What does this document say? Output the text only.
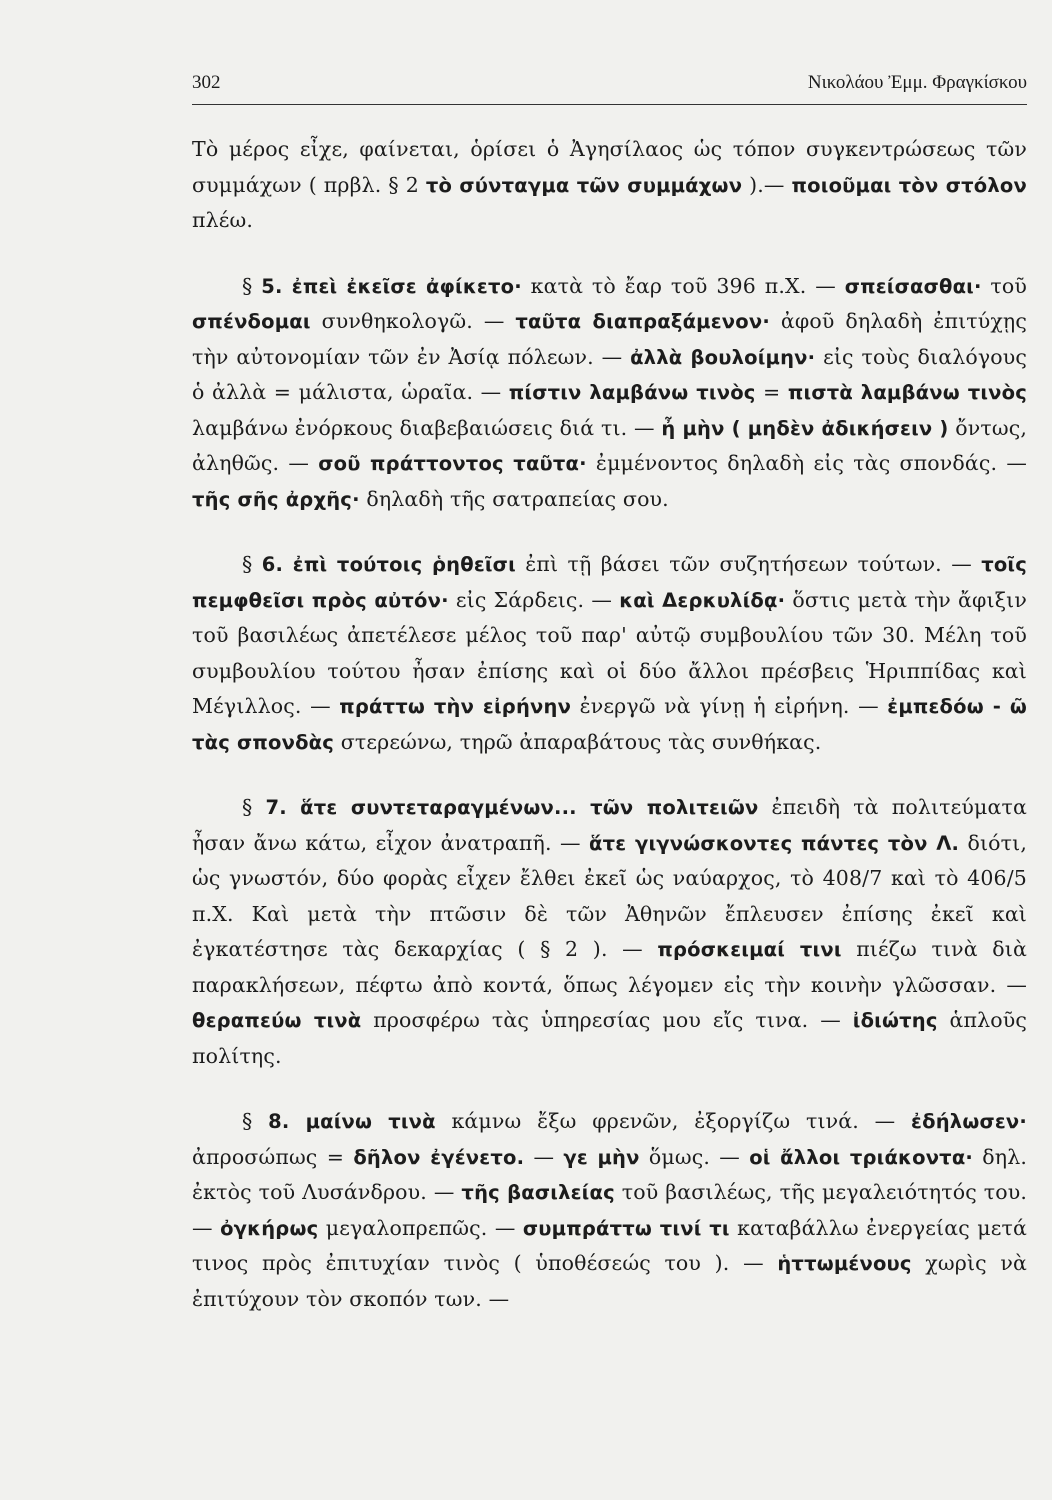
302	Νικολάου Ἐμμ. Φραγκίσκου

Τὸ μέρος εἶχε, φαίνεται, ὁρίσει ὁ Ἀγησίλαος ὡς τόπον συγκεντρώσεως τῶν συμμάχων ( πρβλ. § 2 τὸ σύνταγμα τῶν συμμάχων ).— ποιοῦμαι τὸν στόλον πλέω.

§ 5. ἐπεὶ ἐκεῖσε ἀφίκετο· κατὰ τὸ ἔαρ τοῦ 396 π.Χ. — σπείσασθαι· τοῦ σπένδομαι συνθηκολογῶ. — ταῦτα διαπραξάμενον· ἀφοῦ δηλαδὴ ἐπιτύχῃς τὴν αὐτονομίαν τῶν ἐν Ἀσίᾳ πόλεων. — ἀλλὰ βουλοίμην· εἰς τοὺς διαλόγους ὁ ἀλλὰ = μάλιστα, ὡραῖα. — πίστιν λαμβάνω τινὸς = πιστὰ λαμβάνω τινὸς λαμβάνω ἐνόρκους διαβεβαιώσεις διά τι. — ἦ μὴν ( μηδὲν ἀδικήσειν ) ὄντως, ἀληθῶς. — σοῦ πράττοντος ταῦτα· ἐμμένοντος δηλαδὴ εἰς τὰς σπονδάς. — τῆς σῆς ἀρχῆς· δηλαδὴ τῆς σατραπείας σου.

§ 6. ἐπὶ τούτοις ῥηθεῖσι ἐπὶ τῇ βάσει τῶν συζητήσεων τούτων. — τοῖς πεμφθεῖσι πρὸς αὐτόν· εἰς Σάρδεις. — καὶ Δερκυλίδᾳ· ὅστις μετὰ τὴν ἄφιξιν τοῦ βασιλέως ἀπετέλεσε μέλος τοῦ παρ' αὐτῷ συμβουλίου τῶν 30. Μέλη τοῦ συμβουλίου τούτου ἦσαν ἐπίσης καὶ οἱ δύο ἄλλοι πρέσβεις Ἡριππίδας καὶ Μέγιλλος. — πράττω τὴν εἰρήνην ἐνεργῶ νὰ γίνῃ ἡ εἰρήνη. — ἐμπεδόω - ῶ τὰς σπονδὰς στερεώνω, τηρῶ ἀπαραβάτους τὰς συνθήκας.

§ 7. ἅτε συντεταραγμένων... τῶν πολιτειῶν ἐπειδὴ τὰ πολιτεύματα ἦσαν ἄνω κάτω, εἶχον ἀνατραπῆ. — ἅτε γιγνώσκοντες πάντες τὸν Λ. διότι, ὡς γνωστόν, δύο φορὰς εἶχεν ἔλθει ἐκεῖ ὡς ναύαρχος, τὸ 408/7 καὶ τὸ 406/5 π.Χ. Καὶ μετὰ τὴν πτῶσιν δὲ τῶν Ἀθηνῶν ἔπλευσεν ἐπίσης ἐκεῖ καὶ ἐγκατέστησε τὰς δεκαρχίας ( § 2 ). — πρόσκειμαί τινι πιέζω τινὰ διὰ παρακλήσεων, πέφτω ἀπὸ κοντά, ὅπως λέγομεν εἰς τὴν κοινὴν γλῶσσαν. — θεραπεύω τινὰ προσφέρω τὰς ὑπηρεσίας μου εἴς τινα. — ἰδιώτης ἁπλοῦς πολίτης.

§ 8. μαίνω τινὰ κάμνω ἔξω φρενῶν, ἐξοργίζω τινά. — ἐδήλωσεν· ἀπροσώπως = δῆλον ἐγένετο. — γε μὴν ὅμως. — οἱ ἄλλοι τριάκοντα· δηλ. ἐκτὸς τοῦ Λυσάνδρου. — τῆς βασιλείας τοῦ βασιλέως, τῆς μεγαλειότητός του. — ὀγκήρως μεγαλοπρεπῶς. — συμπράττω τινί τι καταβάλλω ἐνεργείας μετά τινος πρὸς ἐπιτυχίαν τινὸς ( ὑποθέσεώς του ). — ἡττωμένους χωρὶς νὰ ἐπιτύχουν τὸν σκοπόν των. —
